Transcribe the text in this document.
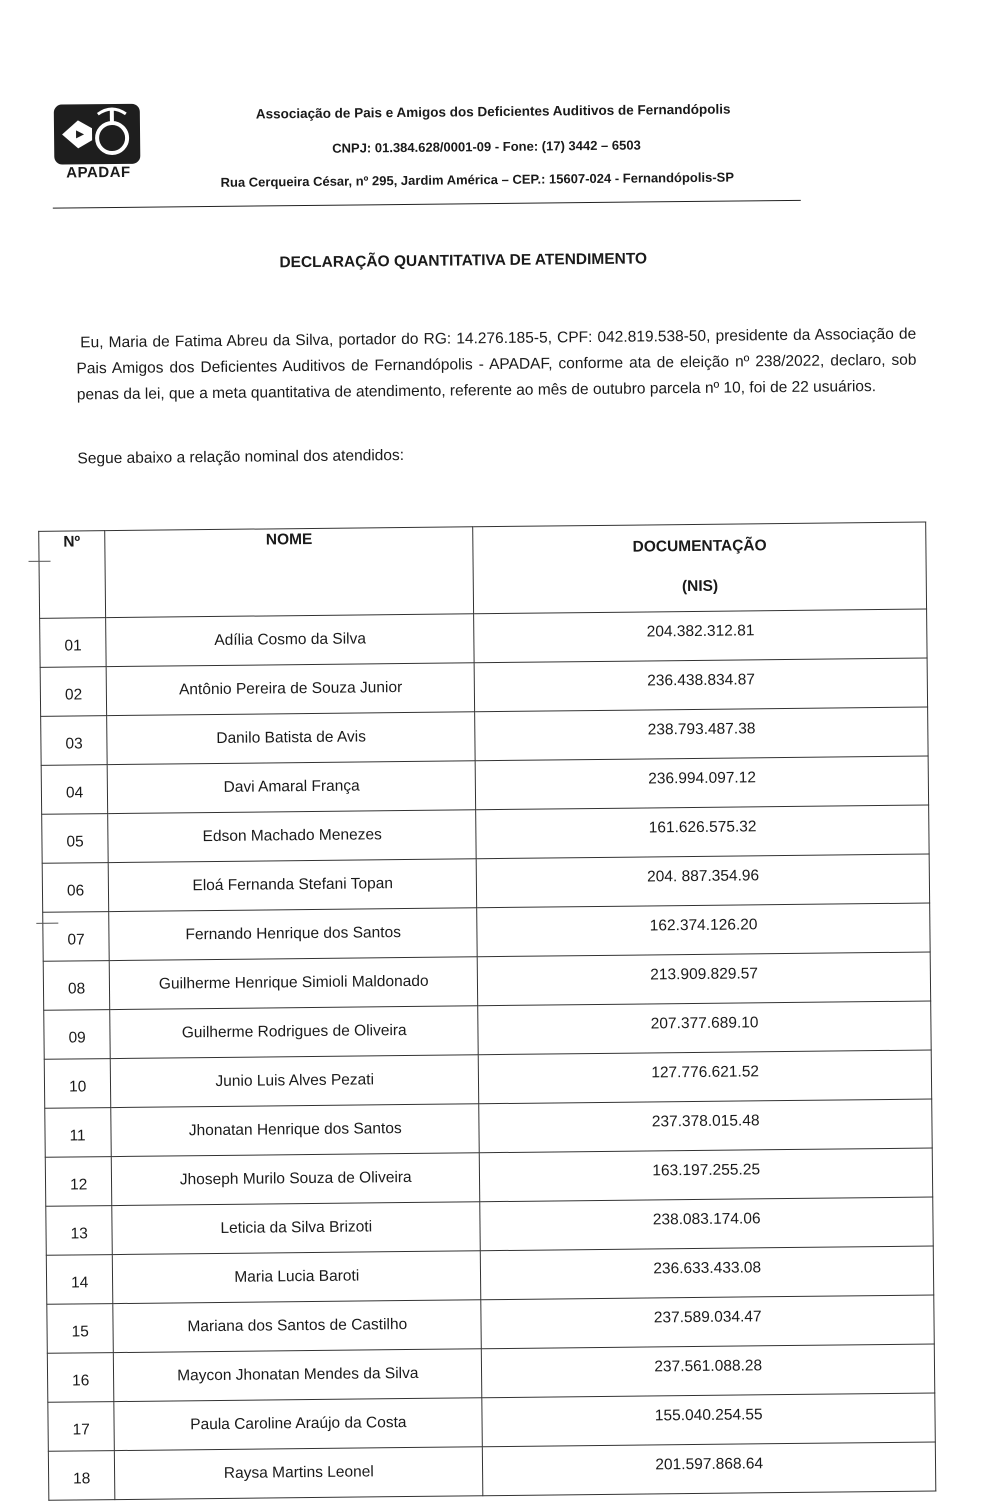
APADAF
Associação de Pais e Amigos dos Deficientes Auditivos de Fernandópolis
CNPJ: 01.384.628/0001-09 - Fone: (17) 3442 – 6503
Rua Cerqueira César, nº 295, Jardim América – CEP.: 15607-024 - Fernandópolis-SP
DECLARAÇÃO QUANTITATIVA DE ATENDIMENTO
Eu, Maria de Fatima Abreu da Silva, portador do RG: 14.276.185-5, CPF: 042.819.538-50, presidente da Associação de Pais Amigos dos Deficientes Auditivos de Fernandópolis - APADAF, conforme ata de eleição nº 238/2022, declaro, sob penas da lei, que a meta quantitativa de atendimento, referente ao mês de outubro parcela nº 10, foi de 22 usuários.
Segue abaixo a relação nominal dos atendidos:
Nº	NOME	DOCUMENTAÇÃO
(NIS)

01	Adília Cosmo da Silva	204.382.312.81
02	Antônio Pereira de Souza Junior	236.438.834.87
03	Danilo Batista de Avis	238.793.487.38
04	Davi Amaral França	236.994.097.12
05	Edson Machado Menezes	161.626.575.32
06	Eloá Fernanda Stefani Topan	204. 887.354.96
07	Fernando Henrique dos Santos	162.374.126.20
08	Guilherme Henrique Simioli Maldonado	213.909.829.57
09	Guilherme Rodrigues de Oliveira	207.377.689.10
10	Junio Luis Alves Pezati	127.776.621.52
11	Jhonatan Henrique dos Santos	237.378.015.48
12	Jhoseph Murilo Souza de Oliveira	163.197.255.25
13	Leticia da Silva Brizoti	238.083.174.06
14	Maria Lucia Baroti	236.633.433.08
15	Mariana dos Santos de Castilho	237.589.034.47
16	Maycon Jhonatan Mendes da Silva	237.561.088.28
17	Paula Caroline Araújo da Costa	155.040.254.55
18	Raysa Martins Leonel	201.597.868.64
